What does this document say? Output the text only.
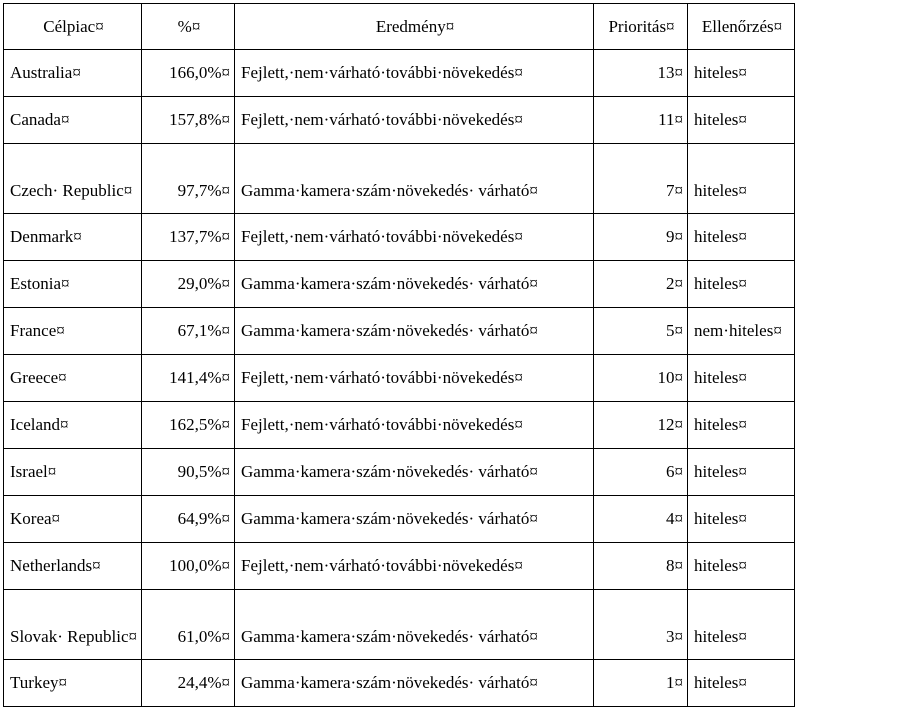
Célpiac¤	%¤	Eredmény¤	Prioritás¤	Ellenőrzés¤
Australia¤	166,0%¤	Fejlett,·nem·várható·további·növekedés¤	13¤	hiteles¤
Canada¤	157,8%¤	Fejlett,·nem·várható·további·növekedés¤	11¤	hiteles¤
Czech· Republic¤	97,7%¤	Gamma·kamera·szám·növekedés· várható¤	7¤	hiteles¤
Denmark¤	137,7%¤	Fejlett,·nem·várható·további·növekedés¤	9¤	hiteles¤
Estonia¤	29,0%¤	Gamma·kamera·szám·növekedés· várható¤	2¤	hiteles¤
France¤	67,1%¤	Gamma·kamera·szám·növekedés· várható¤	5¤	nem·hiteles¤
Greece¤	141,4%¤	Fejlett,·nem·várható·további·növekedés¤	10¤	hiteles¤
Iceland¤	162,5%¤	Fejlett,·nem·várható·további·növekedés¤	12¤	hiteles¤
Israel¤	90,5%¤	Gamma·kamera·szám·növekedés· várható¤	6¤	hiteles¤
Korea¤	64,9%¤	Gamma·kamera·szám·növekedés· várható¤	4¤	hiteles¤
Netherlands¤	100,0%¤	Fejlett,·nem·várható·további·növekedés¤	8¤	hiteles¤
Slovak· Republic¤	61,0%¤	Gamma·kamera·szám·növekedés· várható¤	3¤	hiteles¤
Turkey¤	24,4%¤	Gamma·kamera·szám·növekedés· várható¤	1¤	hiteles¤
